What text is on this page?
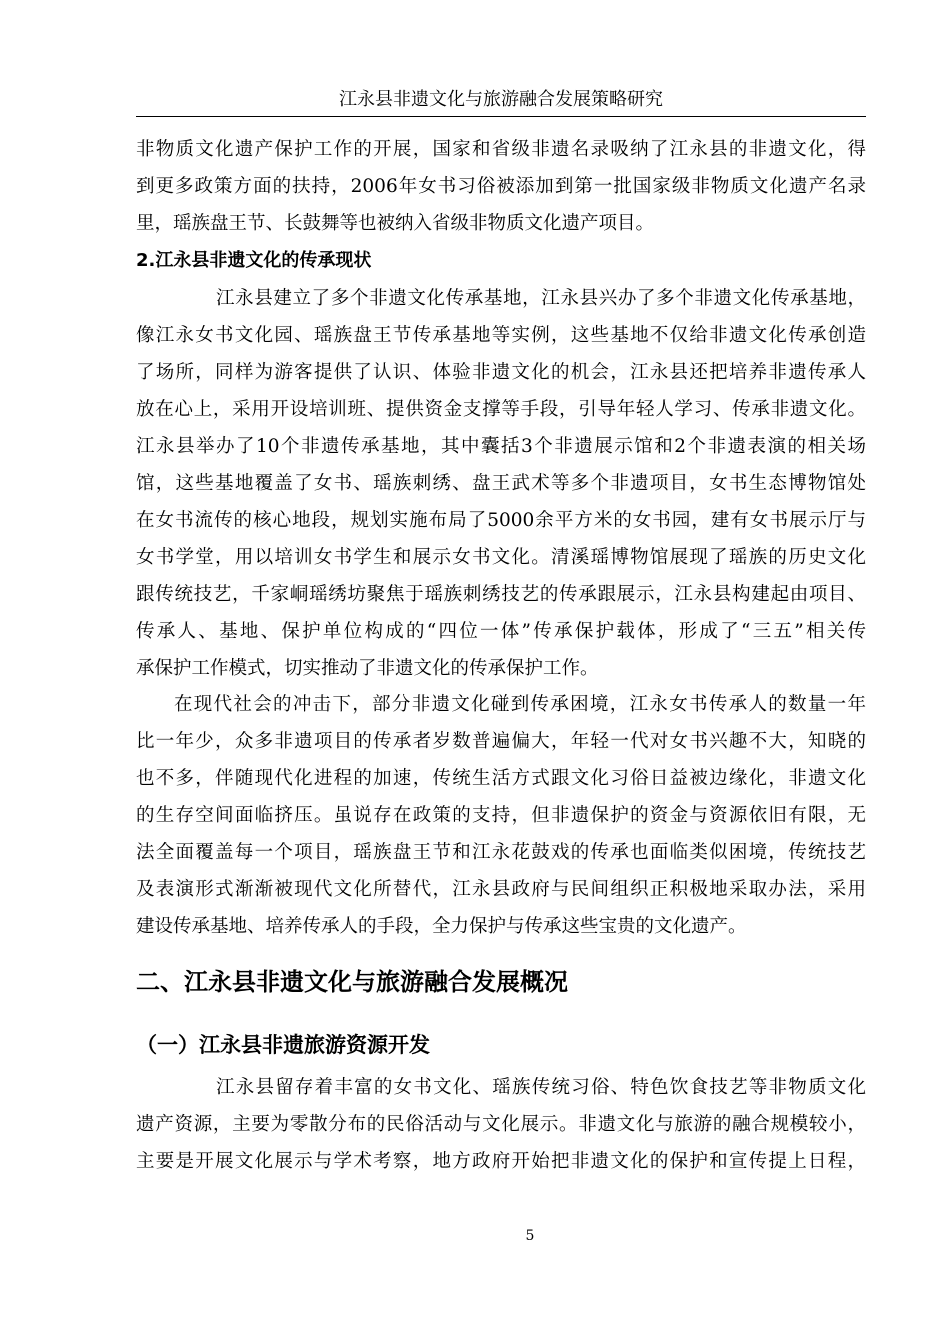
江永县非遗文化与旅游融合发展策略研究
非物质文化遗产保护工作的开展，国家和省级非遗名录吸纳了江永县的非遗文化，得
到更多政策方面的扶持，2006年女书习俗被添加到第一批国家级非物质文化遗产名录
里，瑶族盘王节、长鼓舞等也被纳入省级非物质文化遗产项目。
2.江永县非遗文化的传承现状
江永县建立了多个非遗文化传承基地，江永县兴办了多个非遗文化传承基地，
像江永女书文化园、瑶族盘王节传承基地等实例，这些基地不仅给非遗文化传承创造
了场所，同样为游客提供了认识、体验非遗文化的机会，江永县还把培养非遗传承人
放在心上，采用开设培训班、提供资金支撑等手段，引导年轻人学习、传承非遗文化。
江永县举办了10个非遗传承基地，其中囊括3个非遗展示馆和2个非遗表演的相关场
馆，这些基地覆盖了女书、瑶族刺绣、盘王武术等多个非遗项目，女书生态博物馆处
在女书流传的核心地段，规划实施布局了5000余平方米的女书园，建有女书展示厅与
女书学堂，用以培训女书学生和展示女书文化。清溪瑶博物馆展现了瑶族的历史文化
跟传统技艺，千家峒瑶绣坊聚焦于瑶族刺绣技艺的传承跟展示，江永县构建起由项目、
传承人、基地、保护单位构成的“四位一体”传承保护载体，形成了“三五”相关传
承保护工作模式，切实推动了非遗文化的传承保护工作。
在现代社会的冲击下，部分非遗文化碰到传承困境，江永女书传承人的数量一年
比一年少，众多非遗项目的传承者岁数普遍偏大，年轻一代对女书兴趣不大，知晓的
也不多，伴随现代化进程的加速，传统生活方式跟文化习俗日益被边缘化，非遗文化
的生存空间面临挤压。虽说存在政策的支持，但非遗保护的资金与资源依旧有限，无
法全面覆盖每一个项目，瑶族盘王节和江永花鼓戏的传承也面临类似困境，传统技艺
及表演形式渐渐被现代文化所替代，江永县政府与民间组织正积极地采取办法，采用
建设传承基地、培养传承人的手段，全力保护与传承这些宝贵的文化遗产。
二、江永县非遗文化与旅游融合发展概况
（一）江永县非遗旅游资源开发
江永县留存着丰富的女书文化、瑶族传统习俗、特色饮食技艺等非物质文化
遗产资源，主要为零散分布的民俗活动与文化展示。非遗文化与旅游的融合规模较小，
主要是开展文化展示与学术考察，地方政府开始把非遗文化的保护和宣传提上日程，
5
